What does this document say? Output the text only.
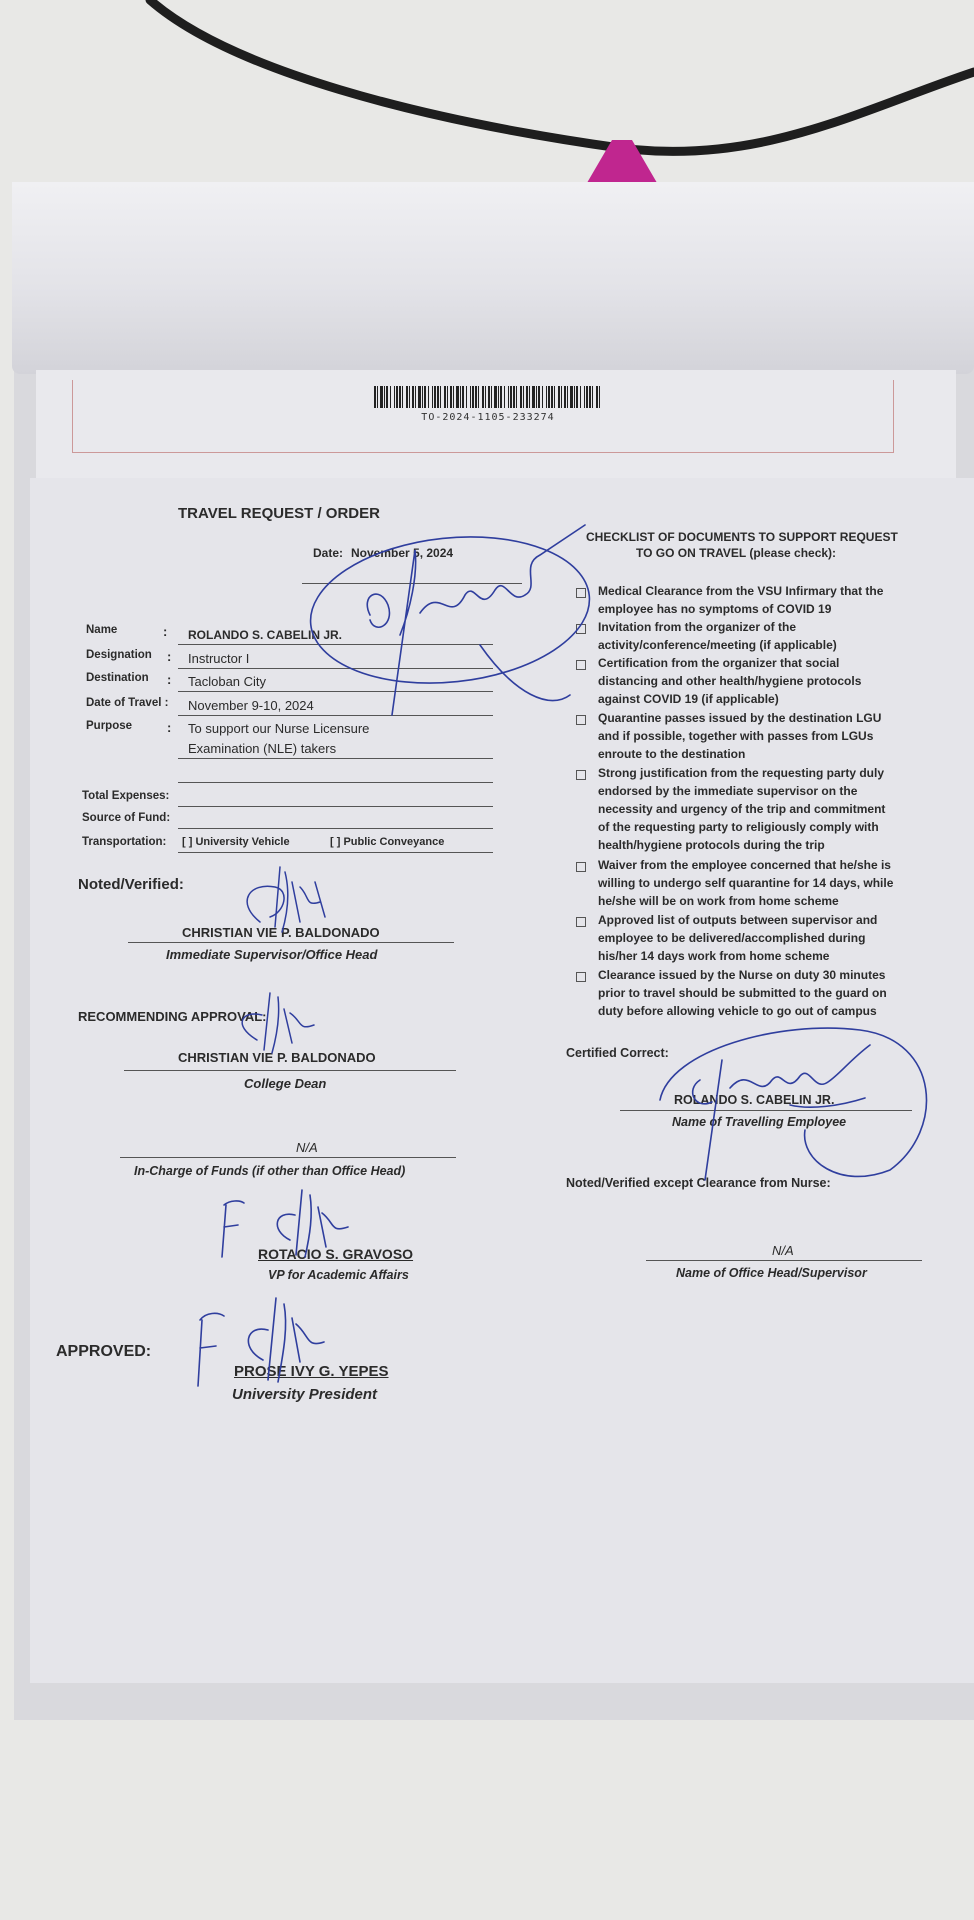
TO-2024-1105-233274
TRAVEL REQUEST / ORDER
Date: November 5, 2024
Name	: ROLANDO S. CABELIN JR.
Designation : Instructor I
Destination : Tacloban City
Date of Travel : November 9-10, 2024
Purpose	: To support our Nurse Licensure
Examination (NLE) takers
Total Expenses:
Source of Fund:
Transportation: [ ] University Vehicle	[ ] Public Conveyance
Noted/Verified:
CHRISTIAN VIE P. BALDONADO
Immediate Supervisor/Office Head
RECOMMENDING APPROVAL:
CHRISTIAN VIE P. BALDONADO
College Dean
N/A
In-Charge of Funds (if other than Office Head)
ROTACIO S. GRAVOSO
VP for Academic Affairs
APPROVED:
PROSE IVY G. YEPES
University President
CHECKLIST OF DOCUMENTS TO SUPPORT REQUEST
TO GO ON TRAVEL (please check):
Medical Clearance from the VSU Infirmary that the
employee has no symptoms of COVID 19
Invitation from the organizer of the
activity/conference/meeting (if applicable)
Certification from the organizer that social
distancing and other health/hygiene protocols
against COVID 19 (if applicable)
Quarantine passes issued by the destination LGU
and if possible, together with passes from LGUs
enroute to the destination
Strong justification from the requesting party duly
endorsed by the immediate supervisor on the
necessity and urgency of the trip and commitment
of the requesting party to religiously comply with
health/hygiene protocols during the trip
Waiver from the employee concerned that he/she is
willing to undergo self quarantine for 14 days, while
he/she will be on work from home scheme
Approved list of outputs between supervisor and
employee to be delivered/accomplished during
his/her 14 days work from home scheme
Clearance issued by the Nurse on duty 30 minutes
prior to travel should be submitted to the guard on
duty before allowing vehicle to go out of campus
Certified Correct:
ROLANDO S. CABELIN JR.
Name of Travelling Employee
Noted/Verified except Clearance from Nurse:
N/A
Name of Office Head/Supervisor
